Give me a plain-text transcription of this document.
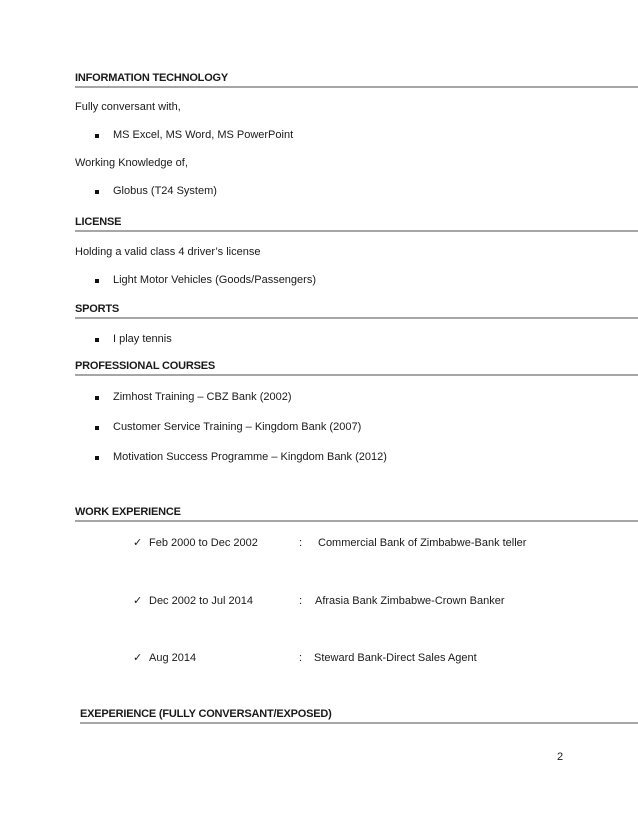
INFORMATION TECHNOLOGY
Fully conversant with,
MS Excel, MS Word, MS PowerPoint
Working Knowledge of,
Globus (T24 System)
LICENSE
Holding a valid class 4 driver’s license
Light Motor Vehicles (Goods/Passengers)
SPORTS
I play tennis
PROFESSIONAL COURSES
Zimhost Training – CBZ Bank (2002)
Customer Service Training – Kingdom Bank (2007)
Motivation Success Programme – Kingdom Bank (2012)
WORK EXPERIENCE
✓ Feb 2000 to Dec 2002	: Commercial Bank of Zimbabwe-Bank teller
✓ Dec 2002 to Jul 2014	: Afrasia Bank Zimbabwe-Crown Banker
✓ Aug 2014	: Steward Bank-Direct Sales Agent
EXEPERIENCE (FULLY CONVERSANT/EXPOSED)
2
